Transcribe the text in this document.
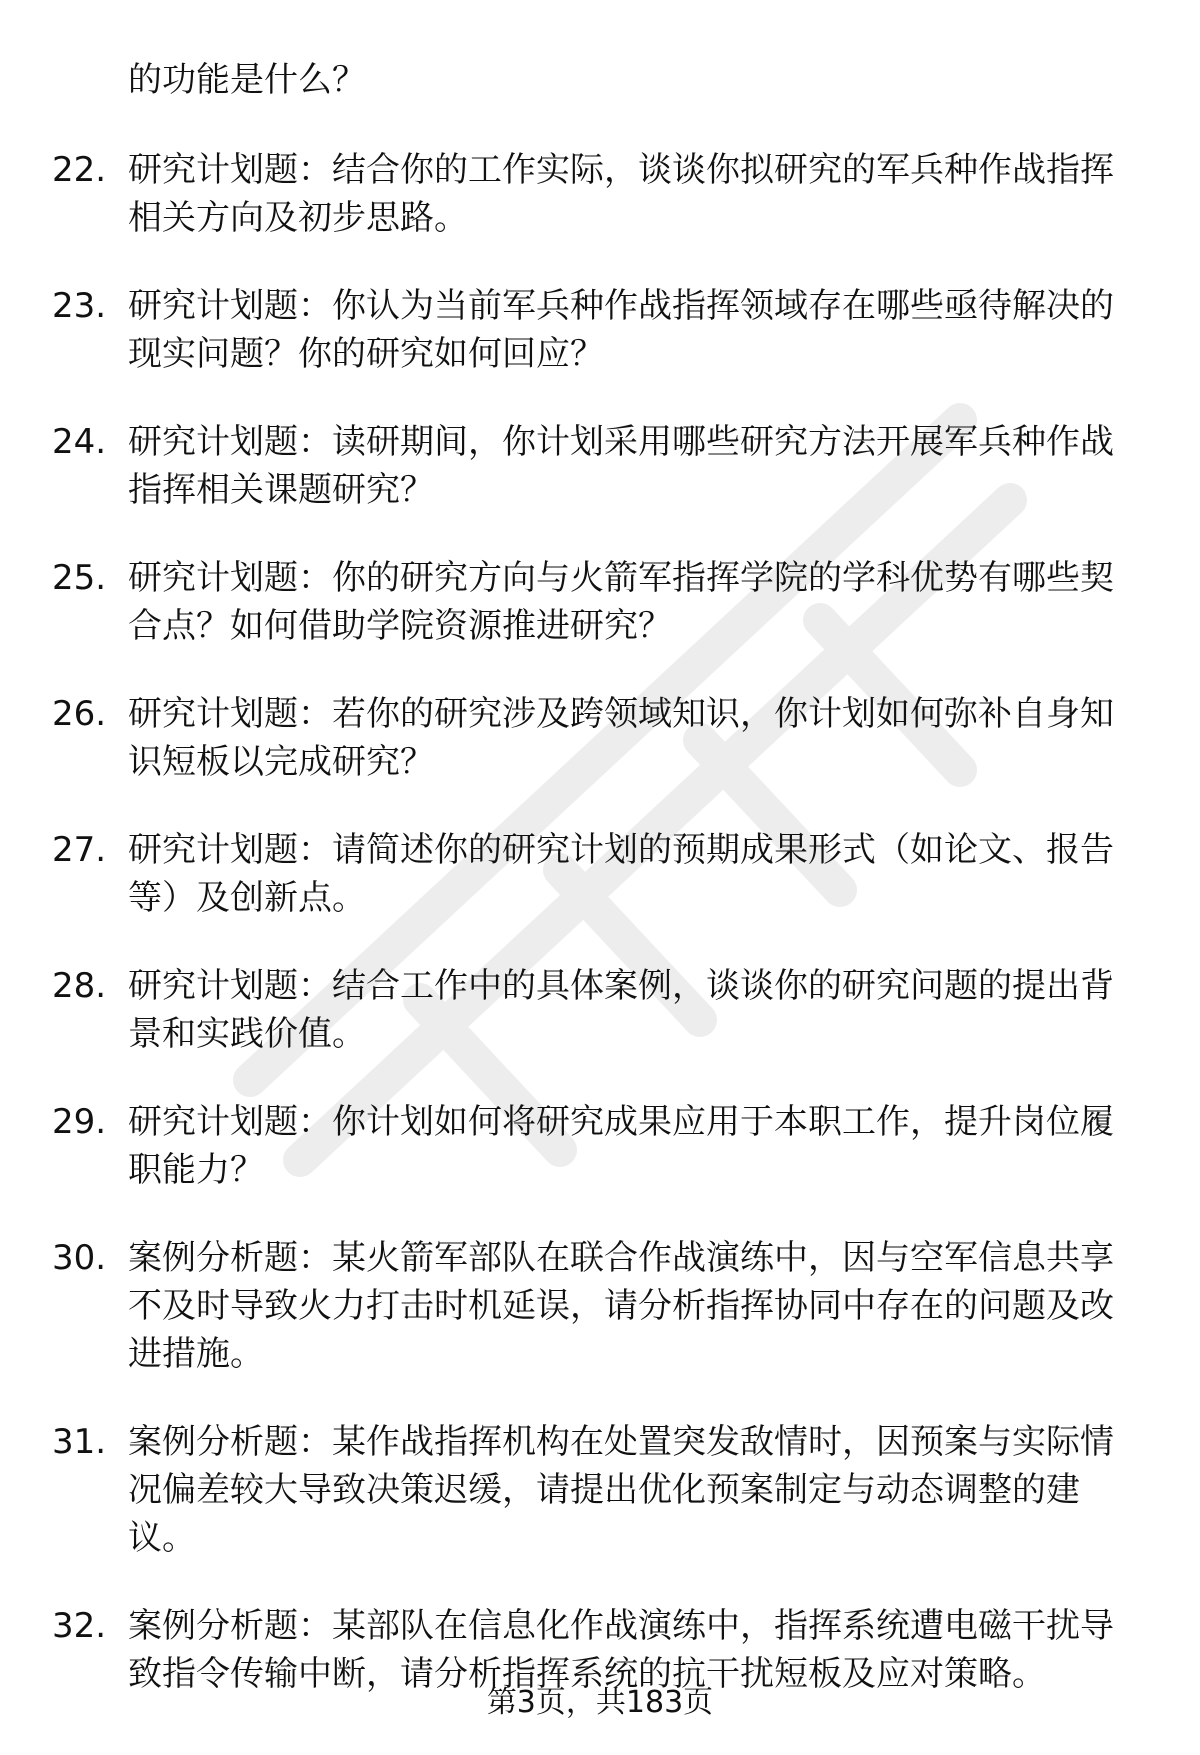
的功能是什么？
22. 研究计划题：结合你的工作实际，谈谈你拟研究的军兵种作战指挥相关方向及初步思路。
23. 研究计划题：你认为当前军兵种作战指挥领域存在哪些亟待解决的现实问题？你的研究如何回应？
24. 研究计划题：读研期间，你计划采用哪些研究方法开展军兵种作战指挥相关课题研究？
25. 研究计划题：你的研究方向与火箭军指挥学院的学科优势有哪些契合点？如何借助学院资源推进研究？
26. 研究计划题：若你的研究涉及跨领域知识，你计划如何弥补自身知识短板以完成研究？
27. 研究计划题：请简述你的研究计划的预期成果形式（如论文、报告等）及创新点。
28. 研究计划题：结合工作中的具体案例，谈谈你的研究问题的提出背景和实践价值。
29. 研究计划题：你计划如何将研究成果应用于本职工作，提升岗位履职能力？
30. 案例分析题：某火箭军部队在联合作战演练中，因与空军信息共享不及时导致火力打击时机延误，请分析指挥协同中存在的问题及改进措施。
31. 案例分析题：某作战指挥机构在处置突发敌情时，因预案与实际情况偏差较大导致决策迟缓，请提出优化预案制定与动态调整的建议。
32. 案例分析题：某部队在信息化作战演练中，指挥系统遭电磁干扰导致指令传输中断，请分析指挥系统的抗干扰短板及应对策略。
第3页，共183页
